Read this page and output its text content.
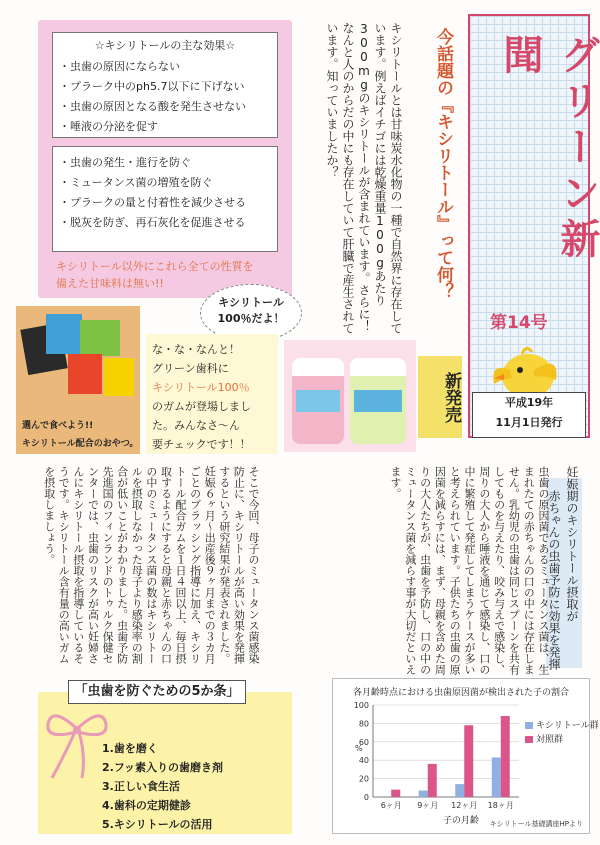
☆キシリトールの主な効果☆
・ 虫歯の原因にならない
・ プラーク中のph5.7以下に下げない
・ 虫歯の原因となる酸を発生させない
・ 唾液の分泌を促す
・ 虫歯の発生・進行を防ぐ
・ ミュータンス菌の増殖を防ぐ
・ プラークの量と付着性を減少させる
・ 脱灰を防ぎ、再石灰化を促進させる
キシリトール以外にこれら全ての性質を
備えた甘味料は無い!!	キシリトールとは甘味炭水化物の一種で自然界に存在しています。例えばイチゴには乾燥重量100gあたり300mgのキシリトールが含まれています。さらに！なんと人のからだの中にも存在していて肝臓で産生されています。知っていましたか？	今話題の『キシリトール』って何？	グリーン新聞
第14号
平成19年
11月1日発行
選んで食べよう!!
キシリトール配合のおやつ。
キシリトール
100％だよ！
な・な・なんと！
グリーン歯科に
キシリトール100％
のガムが登場しまし
た。みんなさ〜ん
要チェックです！！
新発売
妊娠期のキシリトール摂取が
赤ちゃんの虫歯予防に効果を発揮
虫歯の原因菌であるミュータンス菌は、生まれたての赤ちゃんの口の中には存在しません。乳幼児の虫歯は同じスプーンを共有してものを与えたり、咬み与えで感染し、周りの大人から唾液を通じて感染し、口の中に繁殖して発症してしまうケースが多いと考えられています。子供たちの虫歯の原因菌を減らすには、まず、母親を含めた周りの大人たちが、虫歯を予防し、口の中のミュータンス菌を減らす事が大切だといえます。
そこで今回、母子のミュータンス菌感染防止に、キシリトールが高い効果を発揮するという研究結果が発表されました。妊娠６ヶ月～出産後９ヶ月までの３カ月ごとのブラッシング指導に加え、キシリトール配合ガムを１日４回以上、毎日摂取するようにすると母親と赤ちゃんの口の中のミュータンス菌の数はキシリトールを摂取しなかった母子より感染率の割合が低いことがわかりました。虫歯予防先進国のフィンランドのトゥルク保健センターでは、虫歯のリスクが高い妊婦さんにキシリトール摂取を指導しているそうです。キシリトール含有量の高いガムを摂取しましょう。
1.歯を磨く
2.フッ素入りの歯磨き剤
3.正しい食生活
4.歯科の定期健診
5.キシリトールの活用
「虫歯を防ぐための5か条」
0
20
40
60
80
100
%
6ヶ月 9ヶ月 12ヶ月 18ヶ月
各月齢時点における虫歯原因菌が検出された子の割合
キシリトール群
対照群
子の月齢 キシリトール基礎講座HPより
